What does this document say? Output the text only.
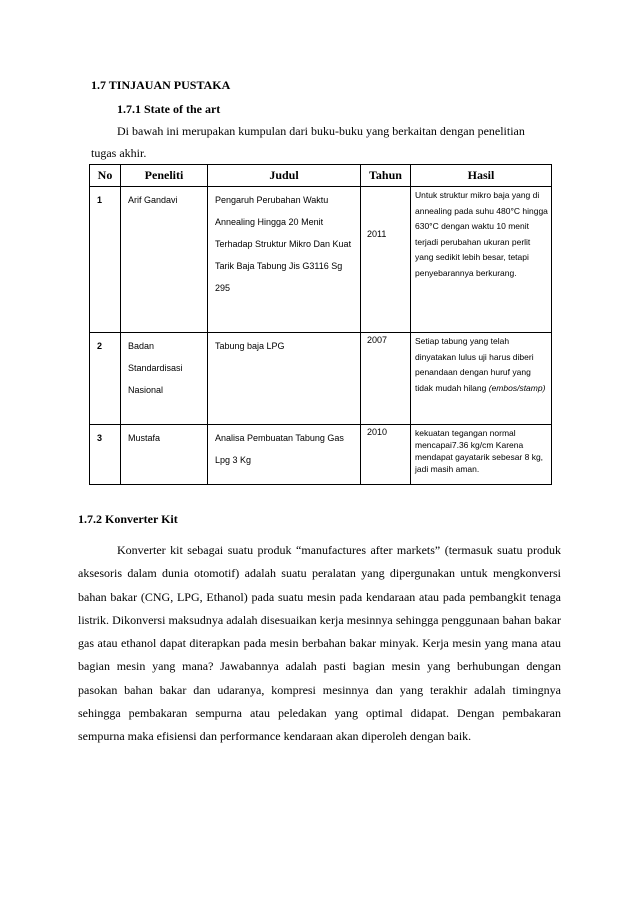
1.7 TINJAUAN PUSTAKA
1.7.1 State of the art
Di bawah ini merupakan kumpulan dari buku-buku yang berkaitan dengan penelitian
tugas akhir.
No	Peneliti	Judul	Tahun	Hasil
1	Arif Gandavi	Pengaruh Perubahan Waktu Annealing Hingga 20 Menit Terhadap Struktur Mikro Dan Kuat Tarik Baja Tabung Jis G3116 Sg 295	2011	Untuk struktur mikro baja yang di annealing pada suhu 480°C hingga 630°C dengan waktu 10 menit terjadi perubahan ukuran perlit yang sedikit lebih besar, tetapi penyebarannya berkurang.
2	Badan Standardisasi Nasional	Tabung baja LPG	2007	Setiap tabung yang telah dinyatakan lulus uji harus diberi penandaan dengan huruf yang tidak mudah hilang (embos/stamp)
3	Mustafa	Analisa Pembuatan Tabung Gas Lpg 3 Kg	2010	kekuatan tegangan normal mencapai7.36 kg/cm Karena mendapat gayatarik sebesar 8 kg, jadi masih aman.
1.7.2 Konverter Kit
Konverter kit sebagai suatu produk “manufactures after markets” (termasuk suatu produk aksesoris dalam dunia otomotif) adalah suatu peralatan yang dipergunakan untuk mengkonversi bahan bakar (CNG, LPG, Ethanol) pada suatu mesin pada kendaraan atau pada pembangkit tenaga listrik. Dikonversi maksudnya adalah disesuaikan kerja mesinnya sehingga penggunaan bahan bakar gas atau ethanol dapat diterapkan pada mesin berbahan bakar minyak. Kerja mesin yang mana atau bagian mesin yang mana? Jawabannya adalah pasti bagian mesin yang berhubungan dengan pasokan bahan bakar dan udaranya, kompresi mesinnya dan yang terakhir adalah timingnya sehingga pembakaran sempurna atau peledakan yang optimal didapat. Dengan pembakaran sempurna maka efisiensi dan performance kendaraan akan diperoleh dengan baik.
